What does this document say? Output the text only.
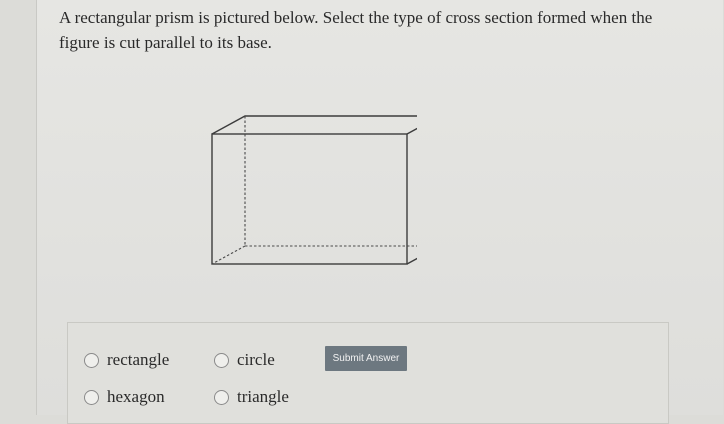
A rectangular prism is pictured below. Select the type of cross section formed when the figure is cut parallel to its base.
rectangle	circle	Submit Answer
hexagon	triangle
